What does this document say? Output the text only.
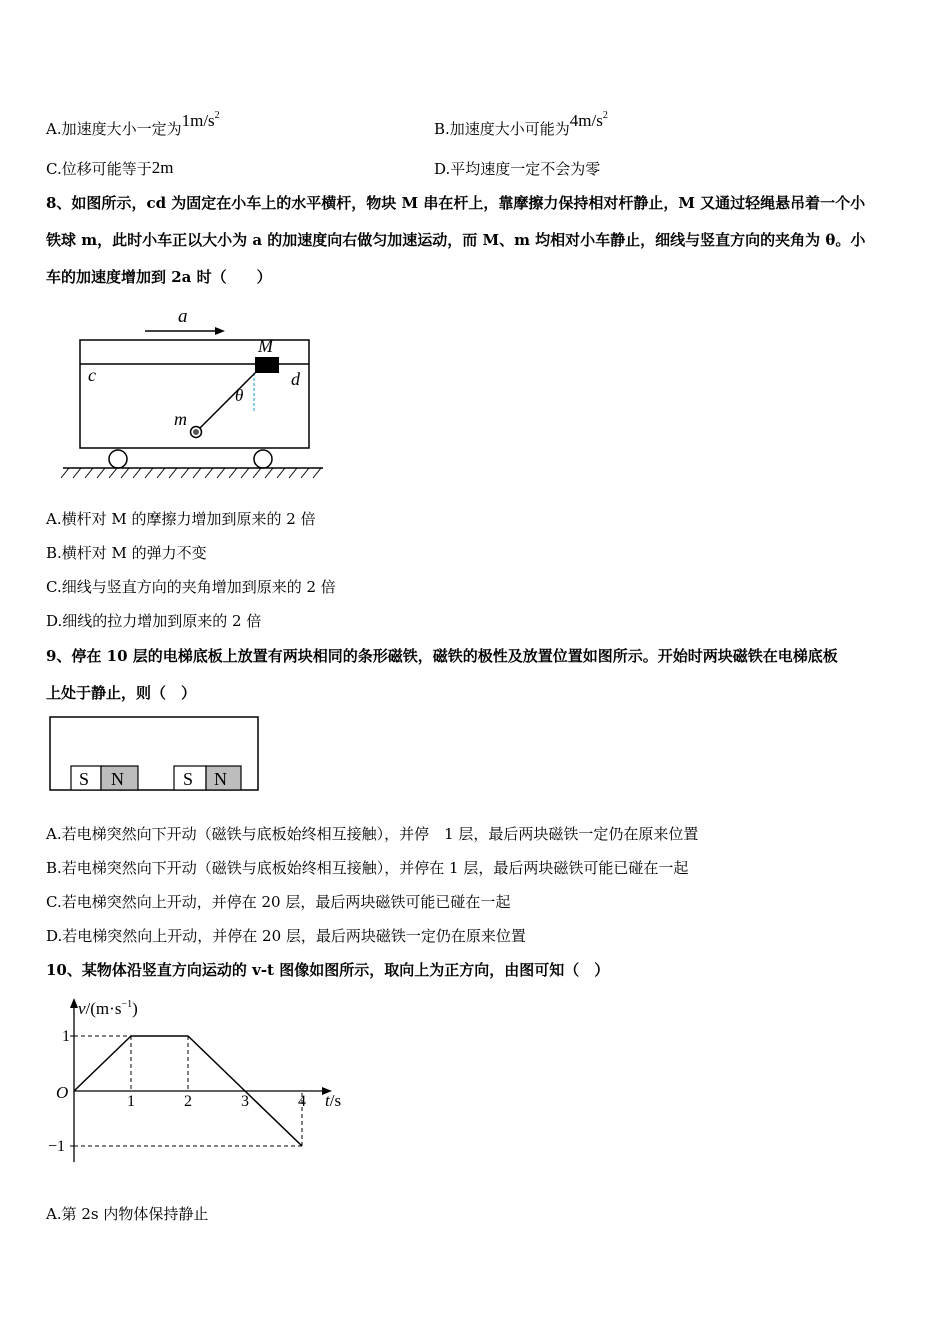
A.加速度大小一定为$1m/s^2$
B.加速度大小可能为$4m/s^2$
C.位移可能等于2m	D.平均速度一定不会为零
8、如图所示，cd 为固定在小车上的水平横杆，物块 M 串在杆上，靠摩擦力保持相对杆静止，M 又通过轻绳悬吊着一个小
铁球 m，此时小车正以大小为 a 的加速度向右做匀加速运动，而 M、m 均相对小车静止，细线与竖直方向的夹角为 θ。小
车的加速度增加到 2a 时（　　）
a
c	d
M
θ
m
A.横杆对 M 的摩擦力增加到原来的 2 倍
B.横杆对 M 的弹力不变
C.细线与竖直方向的夹角增加到原来的 2 倍
D.细线的拉力增加到原来的 2 倍
9、停在 10 层的电梯底板上放置有两块相同的条形磁铁，磁铁的极性及放置位置如图所示。开始时两块磁铁在电梯底板
上处于静止，则（　）
S N	S N
A.若电梯突然向下开动（磁铁与底板始终相互接触），并停　1 层，最后两块磁铁一定仍在原来位置
B.若电梯突然向下开动（磁铁与底板始终相互接触），并停在 1 层，最后两块磁铁可能已碰在一起
C.若电梯突然向上开动，并停在 20 层，最后两块磁铁可能已碰在一起
D.若电梯突然向上开动，并停在 20 层，最后两块磁铁一定仍在原来位置
10、某物体沿竖直方向运动的 v-t 图像如图所示，取向上为正方向，由图可知（　）
$v/(m\cdot s^{-1})$
t/s
O	1	2	3	4
1
−1
A.第 2s 内物体保持静止
